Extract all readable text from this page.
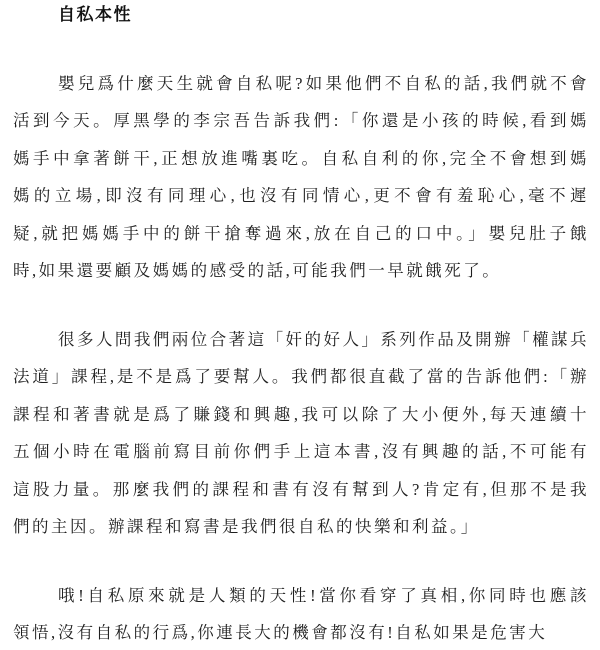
自私本性
嬰兒爲什麼天生就會自私呢?如果他們不自私的話,我們就不會
活到今天。厚黑學的李宗吾告訴我們:「你還是小孩的時候,看到媽
媽手中拿著餅干,正想放進嘴裏吃。自私自利的你,完全不會想到媽
媽的立場,即沒有同理心,也沒有同情心,更不會有羞恥心,毫不遲
疑,就把媽媽手中的餅干搶奪過來,放在自己的口中。」嬰兒肚子餓
時,如果還要顧及媽媽的感受的話,可能我們一早就餓死了。
很多人問我們兩位合著這「奸的好人」系列作品及開辦「權謀兵
法道」課程,是不是爲了要幫人。我們都很直截了當的告訴他們:「辦
課程和著書就是爲了賺錢和興趣,我可以除了大小便外,每天連續十
五個小時在電腦前寫目前你們手上這本書,沒有興趣的話,不可能有
這股力量。那麼我們的課程和書有沒有幫到人?肯定有,但那不是我
們的主因。辦課程和寫書是我們很自私的快樂和利益。」
哦!自私原來就是人類的天性!當你看穿了真相,你同時也應該
領悟,沒有自私的行爲,你連長大的機會都沒有!自私如果是危害大
